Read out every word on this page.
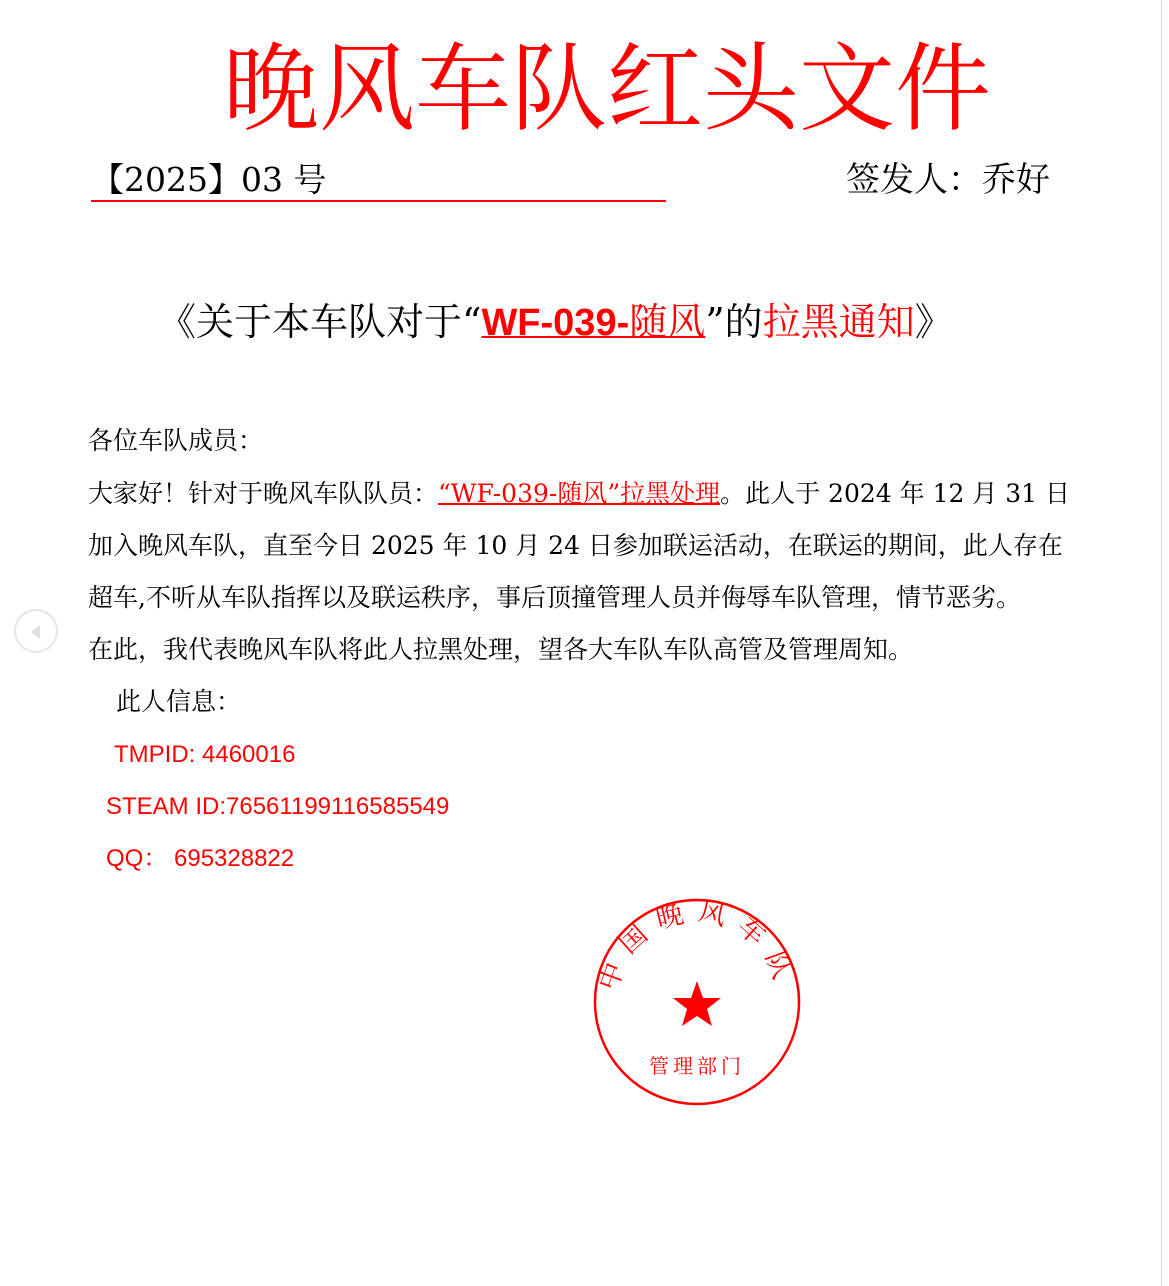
晚风车队红头文件
【2025】03 号	签发人：乔好
《关于本车队对于“WF-039-随风”的拉黑通知》
各位车队成员：
大家好！针对于晚风车队队员：“WF-039-随风”拉黑处理。此人于 2024 年 12 月 31 日
加入晚风车队，直至今日 2025 年 10 月 24 日参加联运活动，在联运的期间，此人存在
超车,不听从车队指挥以及联运秩序，事后顶撞管理人员并侮辱车队管理，情节恶劣。
在此，我代表晚风车队将此人拉黑处理，望各大车队车队高管及管理周知。
此人信息：
TMPID: 4460016
STEAM ID:76561199116585549
QQ： 695328822
中国晚风车队
管理部门
